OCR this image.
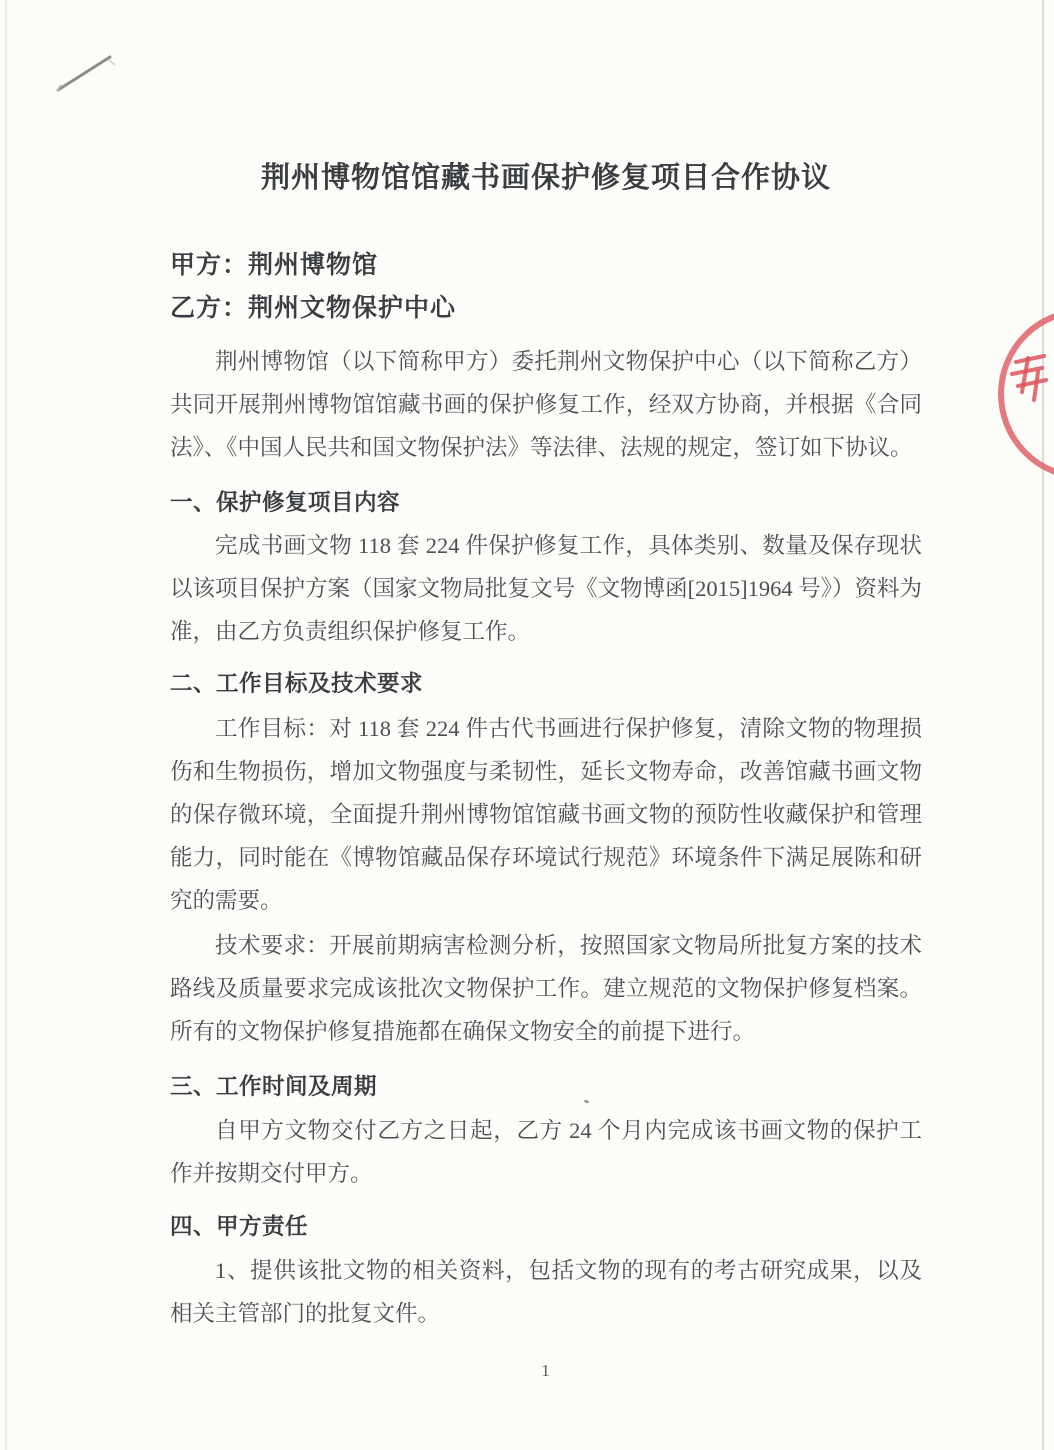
荆州博物馆馆藏书画保护修复项目合作协议
甲方：荆州博物馆
乙方：荆州文物保护中心
荆州博物馆（以下简称甲方）委托荆州文物保护中心（以下简称乙方）共同开展荆州博物馆馆藏书画的保护修复工作，经双方协商，并根据《合同法》、《中国人民共和国文物保护法》等法律、法规的规定，签订如下协议。
一、保护修复项目内容
完成书画文物 118 套 224 件保护修复工作，具体类别、数量及保存现状以该项目保护方案（国家文物局批复文号《文物博函[2015]1964 号》）资料为准，由乙方负责组织保护修复工作。
二、工作目标及技术要求
工作目标：对 118 套 224 件古代书画进行保护修复，清除文物的物理损伤和生物损伤，增加文物强度与柔韧性，延长文物寿命，改善馆藏书画文物的保存微环境，全面提升荆州博物馆馆藏书画文物的预防性收藏保护和管理能力，同时能在《博物馆藏品保存环境试行规范》环境条件下满足展陈和研究的需要。
技术要求：开展前期病害检测分析，按照国家文物局所批复方案的技术路线及质量要求完成该批次文物保护工作。建立规范的文物保护修复档案。所有的文物保护修复措施都在确保文物安全的前提下进行。
三、工作时间及周期
自甲方文物交付乙方之日起，乙方 24 个月内完成该书画文物的保护工作并按期交付甲方。
四、甲方责任
1、提供该批文物的相关资料，包括文物的现有的考古研究成果，以及相关主管部门的批复文件。
1
